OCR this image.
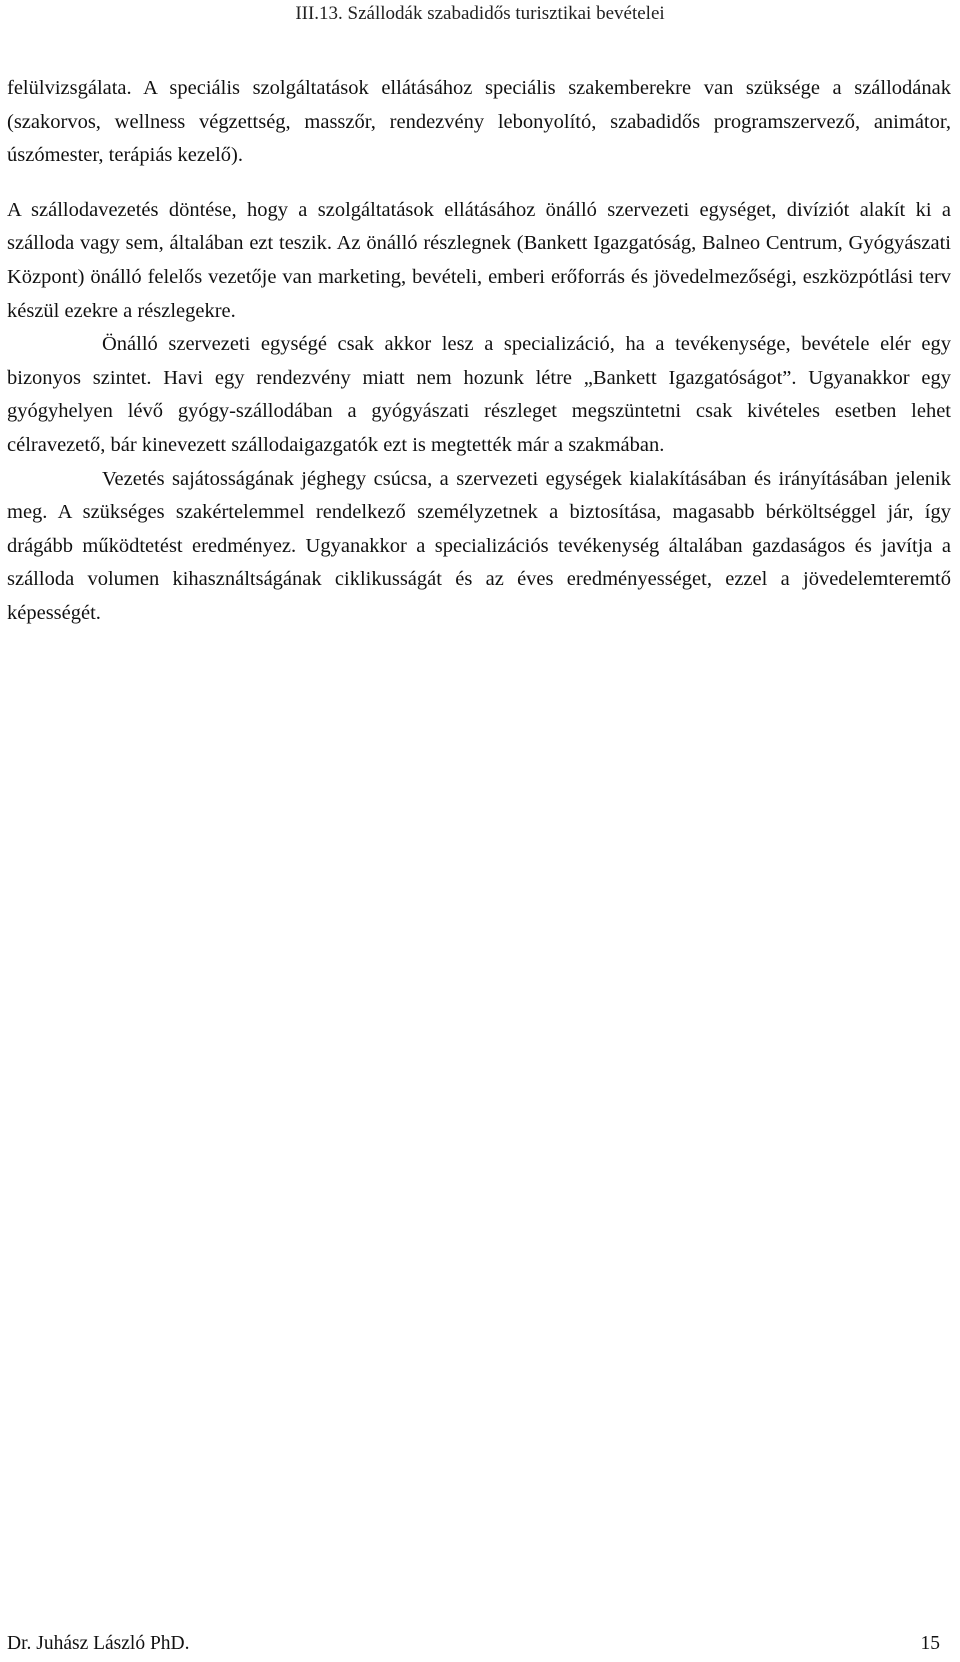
III.13. Szállodák szabadidős turisztikai bevételei

felülvizsgálata. A speciális szolgáltatások ellátásához speciális szakemberekre van szüksége a szállodának (szakorvos, wellness végzettség, masszőr, rendezvény lebonyolító, szabadidős programszervező, animátor, úszómester, terápiás kezelő).

A szállodavezetés döntése, hogy a szolgáltatások ellátásához önálló szervezeti egységet, divíziót alakít ki a szálloda vagy sem, általában ezt teszik. Az önálló részlegnek (Bankett Igazgatóság, Balneo Centrum, Gyógyászati Központ) önálló felelős vezetője van marketing, bevételi, emberi erőforrás és jövedelmezőségi, eszközpótlási terv készül ezekre a részlegekre.

Önálló szervezeti egységé csak akkor lesz a specializáció, ha a tevékenysége, bevétele elér egy bizonyos szintet. Havi egy rendezvény miatt nem hozunk létre „Bankett Igazgatóságot”. Ugyanakkor egy gyógyhelyen lévő gyógy-szállodában a gyógyászati részleget megszüntetni csak kivételes esetben lehet célravezető, bár kinevezett szállodaigazgatók ezt is megtették már a szakmában.

Vezetés sajátosságának jéghegy csúcsa, a szervezeti egységek kialakításában és irányításában jelenik meg. A szükséges szakértelemmel rendelkező személyzetnek a biztosítása, magasabb bérköltséggel jár, így drágább működtetést eredményez. Ugyanakkor a specializációs tevékenység általában gazdaságos és javítja a szálloda volumen kihasználtságának ciklikusságát és az éves eredményességet, ezzel a jövedelemteremtő képességét.

Dr. Juhász László PhD.	15
